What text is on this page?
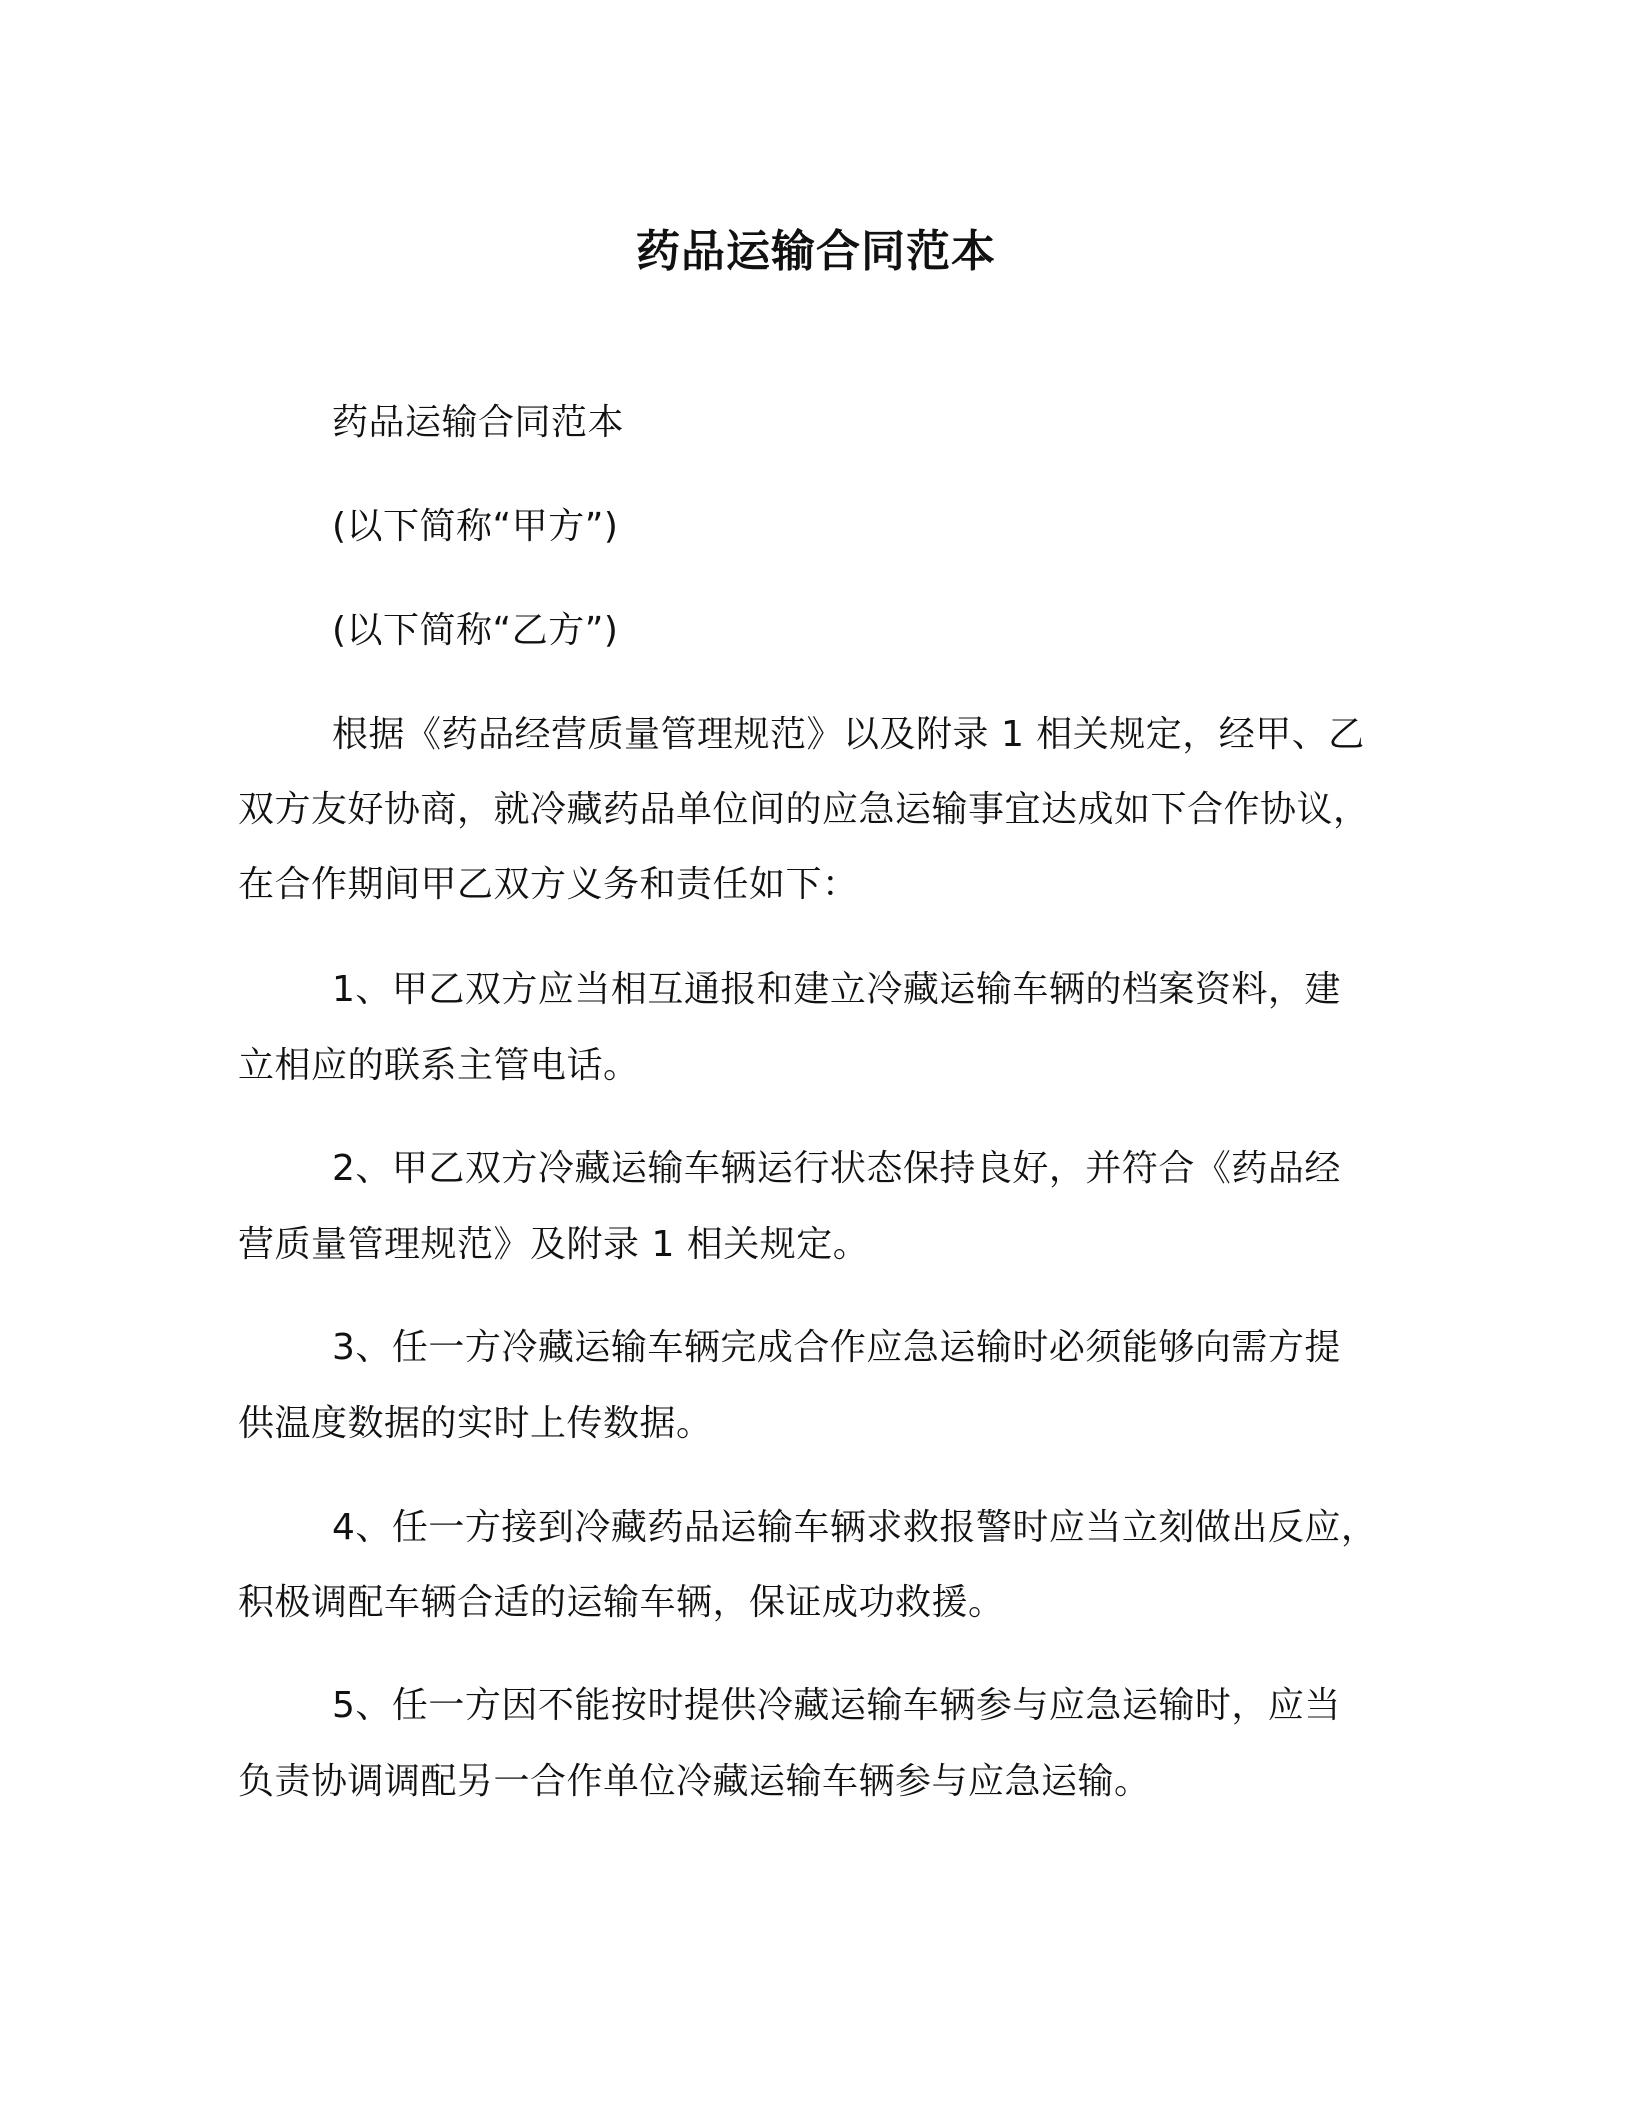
药品运输合同范本
药品运输合同范本
(以下简称“甲方”)
(以下简称“乙方”)
根据《药品经营质量管理规范》以及附录 1 相关规定，经甲、乙
双方友好协商，就冷藏药品单位间的应急运输事宜达成如下合作协议，
在合作期间甲乙双方义务和责任如下：
1、甲乙双方应当相互通报和建立冷藏运输车辆的档案资料，建
立相应的联系主管电话。
2、甲乙双方冷藏运输车辆运行状态保持良好，并符合《药品经
营质量管理规范》及附录 1 相关规定。
3、任一方冷藏运输车辆完成合作应急运输时必须能够向需方提
供温度数据的实时上传数据。
4、任一方接到冷藏药品运输车辆求救报警时应当立刻做出反应，
积极调配车辆合适的运输车辆，保证成功救援。
5、任一方因不能按时提供冷藏运输车辆参与应急运输时，应当
负责协调调配另一合作单位冷藏运输车辆参与应急运输。
